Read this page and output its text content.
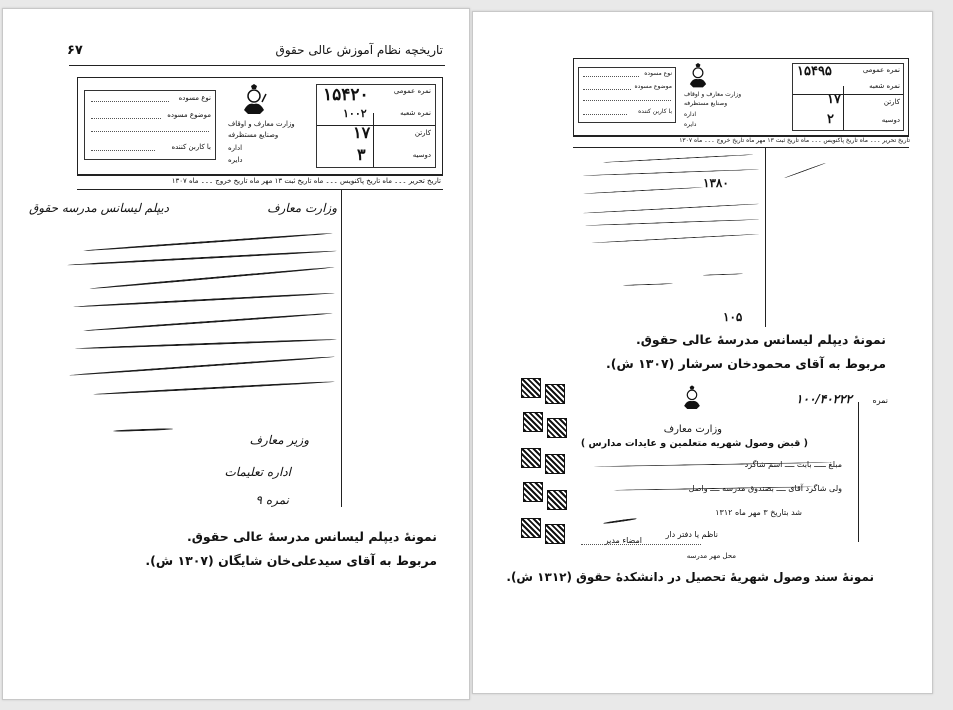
تاریخچه نظام آموزش عالی حقوق
۶۷
نمره عمومی
نمره شعبه
کارتن
دوسیه
۱۵۴۲۰
۱۰۰۲
۱۷
۳
وزارت معارف و اوقاف
وصنایع مستظرفه
اداره
دایره
نوع مسوده
موضوع مسوده
با کاربن کننده
تاریخ تحریر ۔۔۔ ماه تاریخ پاکنویس ۔۔۔ ماه تاریخ ثبت ۱۳ مهر ماه تاریخ خروج ۔۔۔ ماه ۱۳۰۷
وزارت معارف
دیپلم لیسانس مدرسه حقوق
وزیر معارف
اداره تعلیمات
نمره ۹
نمونهٔ دیپلم لیسانس مدرسهٔ عالی حقوق.
مربوط به آقای سیدعلی‌خان شایگان (۱۳۰۷ ش).
نمره عمومی
نمره شعبه
کارتن
دوسیه
۱۵۴۹۵
۱۷
۲
وزارت معارف و اوقاف
وصنایع مستظرفه
اداره
دایره
نوع مسوده
موضوع مسوده
با کاربن کننده
تاریخ تحریر ۔۔۔ ماه تاریخ پاکنویس ۔۔۔ ماه تاریخ ثبت ۱۳ مهر ماه تاریخ خروج ۔۔۔ ماه ۱۳۰۷
۱۳۸۰
۱۰۵
نمونهٔ دیپلم لیسانس مدرسهٔ عالی حقوق.
مربوط به آقای محمودخان سرشار (۱۳۰۷ ش).
نمره
۱۰۰/۴۰۲۲۲
وزارت معارف
( قبض وصول شهریه متعلمین و عایدات مدارس )
مبلغ ـــــ بابت ــــ اسم شاگرد
ولی شاگرد آقای ــــ بصندوق مدرسه ــــ واصل
شد بتاریخ ۳ مهر ماه ۱۳۱۲
ناظم یا دفتر دار
امضاء مدیر
محل مهر مدرسه
نمونهٔ سند وصول شهریهٔ تحصیل در دانشکدهٔ حقوق (۱۳۱۲ ش).
